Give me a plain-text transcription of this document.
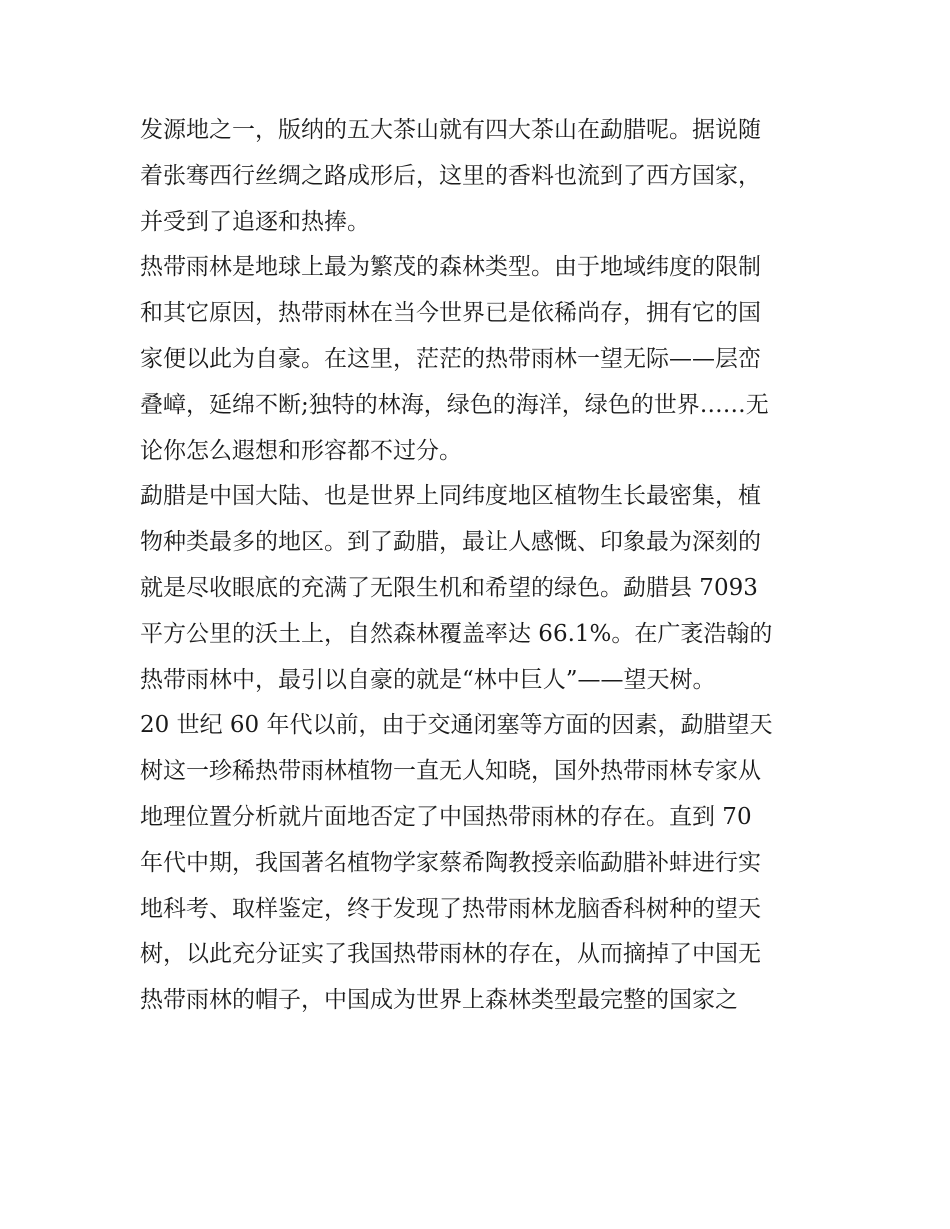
发源地之一，版纳的五大茶山就有四大茶山在勐腊呢。据说随
着张骞西行丝绸之路成形后，这里的香料也流到了西方国家，
并受到了追逐和热捧。
热带雨林是地球上最为繁茂的森林类型。由于地域纬度的限制
和其它原因，热带雨林在当今世界已是依稀尚存，拥有它的国
家便以此为自豪。在这里，茫茫的热带雨林一望无际——层峦
叠嶂，延绵不断;独特的林海，绿色的海洋，绿色的世界……无
论你怎么遐想和形容都不过分。
勐腊是中国大陆、也是世界上同纬度地区植物生长最密集，植
物种类最多的地区。到了勐腊，最让人感慨、印象最为深刻的
就是尽收眼底的充满了无限生机和希望的绿色。勐腊县 7093
平方公里的沃土上，自然森林覆盖率达 66.1%。在广袤浩翰的
热带雨林中，最引以自豪的就是“林中巨人”——望天树。
20 世纪 60 年代以前，由于交通闭塞等方面的因素，勐腊望天
树这一珍稀热带雨林植物一直无人知晓，国外热带雨林专家从
地理位置分析就片面地否定了中国热带雨林的存在。直到 70
年代中期，我国著名植物学家蔡希陶教授亲临勐腊补蚌进行实
地科考、取样鉴定，终于发现了热带雨林龙脑香科树种的望天
树，以此充分证实了我国热带雨林的存在，从而摘掉了中国无
热带雨林的帽子，中国成为世界上森林类型最完整的国家之
